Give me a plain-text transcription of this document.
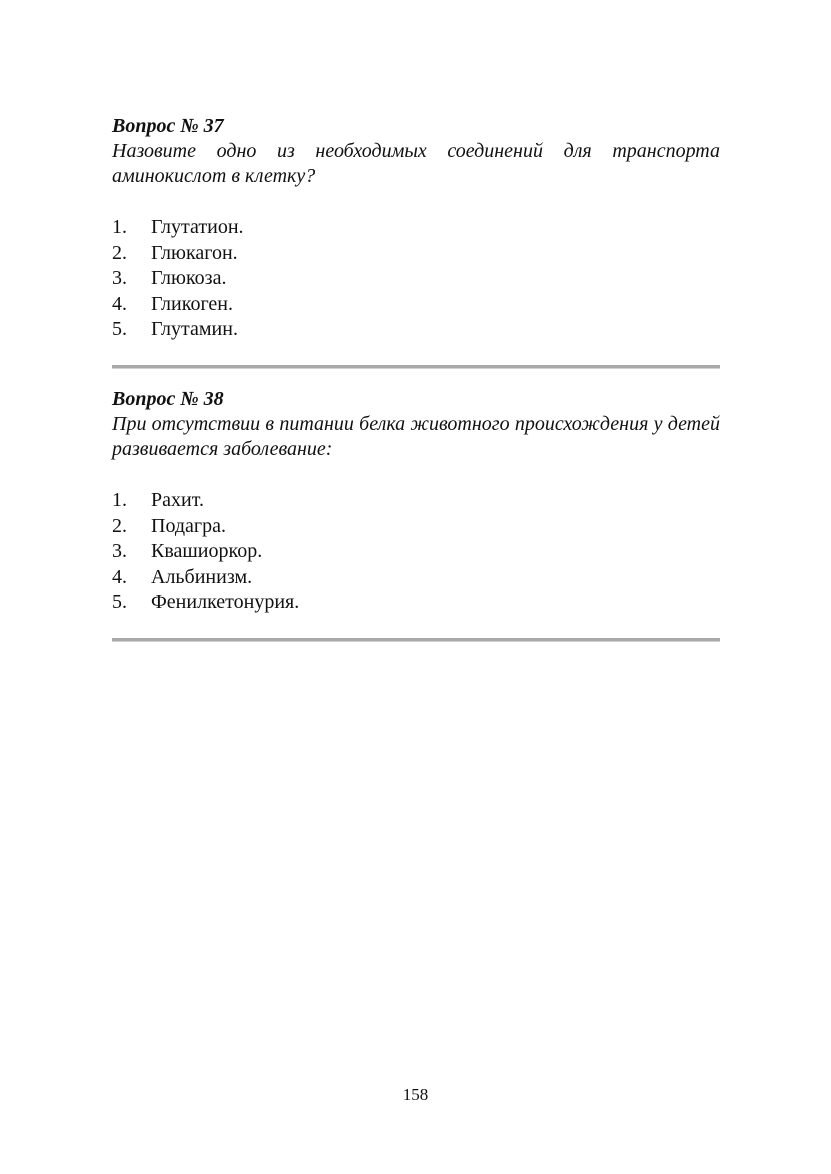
Вопрос № 37

Назовите одно из необходимых соединений для транспорта аминокислот в клетку?

1.	Глутатион.
2.	Глюкагон.
3.	Глюкоза.
4.	Гликоген.
5.	Глутамин.

Вопрос № 38

При отсутствии в питании белка животного происхождения у детей развивается заболевание:

1.	Рахит.
2.	Подагра.
3.	Квашиоркор.
4.	Альбинизм.
5.	Фенилкетонурия.
158
